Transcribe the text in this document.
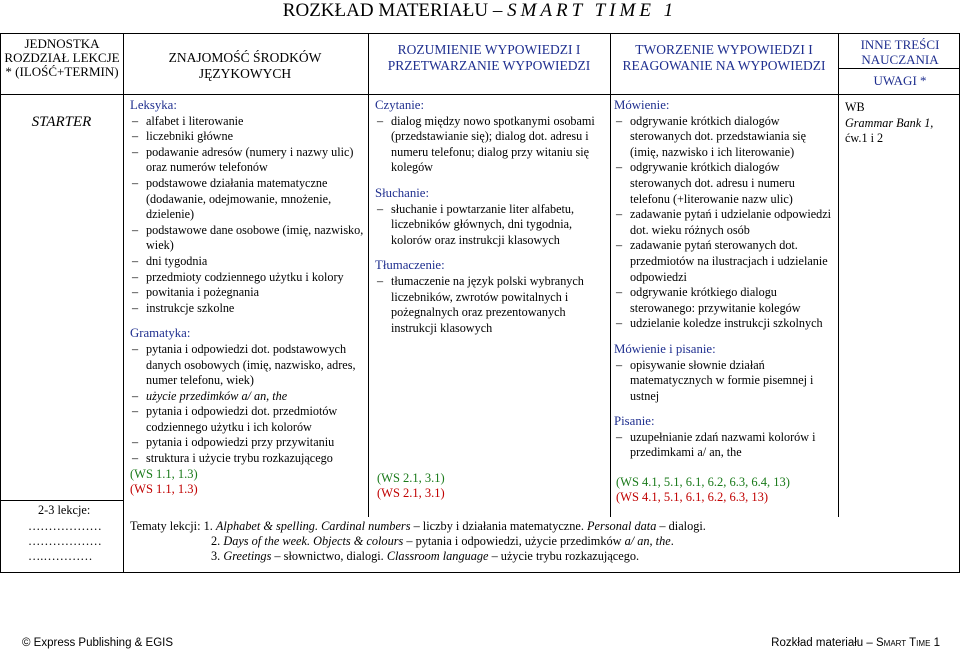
ROZKŁAD MATERIAŁU – SMART TIME 1
JEDNOSTKA ROZDZIAŁ LEKCJE * (ILOŚĆ+TERMIN)
ZNAJOMOŚĆ ŚRODKÓW JĘZYKOWYCH
ROZUMIENIE WYPOWIEDZI I PRZETWARZANIE WYPOWIEDZI
TWORZENIE WYPOWIEDZI I REAGOWANIE NA WYPOWIEDZI
INNE TREŚCI NAUCZANIA
UWAGI *
STARTER
Leksyka:
– alfabet i literowanie
– liczebniki główne
– podawanie adresów (numery i nazwy ulic) oraz numerów telefonów
– podstawowe działania matematyczne (dodawanie, odejmowanie, mnożenie, dzielenie)
– podstawowe dane osobowe (imię, nazwisko, wiek)
– dni tygodnia
– przedmioty codziennego użytku i kolory
– powitania i pożegnania
– instrukcje szkolne
Gramatyka:
– pytania i odpowiedzi dot. podstawowych danych osobowych (imię, nazwisko, adres, numer telefonu, wiek)
– użycie przedimków a/ an, the
– pytania i odpowiedzi dot. przedmiotów codziennego użytku i ich kolorów
– pytania i odpowiedzi przy przywitaniu
– struktura i użycie trybu rozkazującego
(WS 1.1, 1.3)
(WS 1.1, 1.3)
Czytanie:
– dialog między nowo spotkanymi osobami (przedstawianie się); dialog dot. adresu i numeru telefonu; dialog przy witaniu się kolegów
Słuchanie:
– słuchanie i powtarzanie liter alfabetu, liczebników głównych, dni tygodnia, kolorów oraz instrukcji klasowych
Tłumaczenie:
– tłumaczenie na język polski wybranych liczebników, zwrotów powitalnych i pożegnalnych oraz prezentowanych instrukcji klasowych
(WS 2.1, 3.1)
(WS 2.1, 3.1)
Mówienie:
– odgrywanie krótkich dialogów sterowanych dot. przedstawiania się (imię, nazwisko i ich literowanie)
– odgrywanie krótkich dialogów sterowanych dot. adresu i numeru telefonu (+literowanie nazw ulic)
– zadawanie pytań i udzielanie odpowiedzi dot. wieku różnych osób
– zadawanie pytań sterowanych dot. przedmiotów na ilustracjach i udzielanie odpowiedzi
– odgrywanie krótkiego dialogu sterowanego: przywitanie kolegów
– udzielanie koledze instrukcji szkolnych
Mówienie i pisanie:
– opisywanie słownie działań matematycznych w formie pisemnej i ustnej
Pisanie:
– uzupełnianie zdań nazwami kolorów i przedimkami a/ an, the
(WS 4.1, 5.1, 6.1, 6.2, 6.3, 6.4, 13)
(WS 4.1, 5.1, 6.1, 6.2, 6.3, 13)
WB
Grammar Bank 1,
ćw.1 i 2
2-3 lekcje:
………………
………………
….…………
Tematy lekcji: 1. Alphabet & spelling. Cardinal numbers – liczby i działania matematyczne. Personal data – dialogi.
2. Days of the week. Objects & colours – pytania i odpowiedzi, użycie przedimków a/ an, the.
3. Greetings – słownictwo, dialogi. Classroom language – użycie trybu rozkazującego.
© Express Publishing & EGIS	Rozkład materiału – Smart Time 1
